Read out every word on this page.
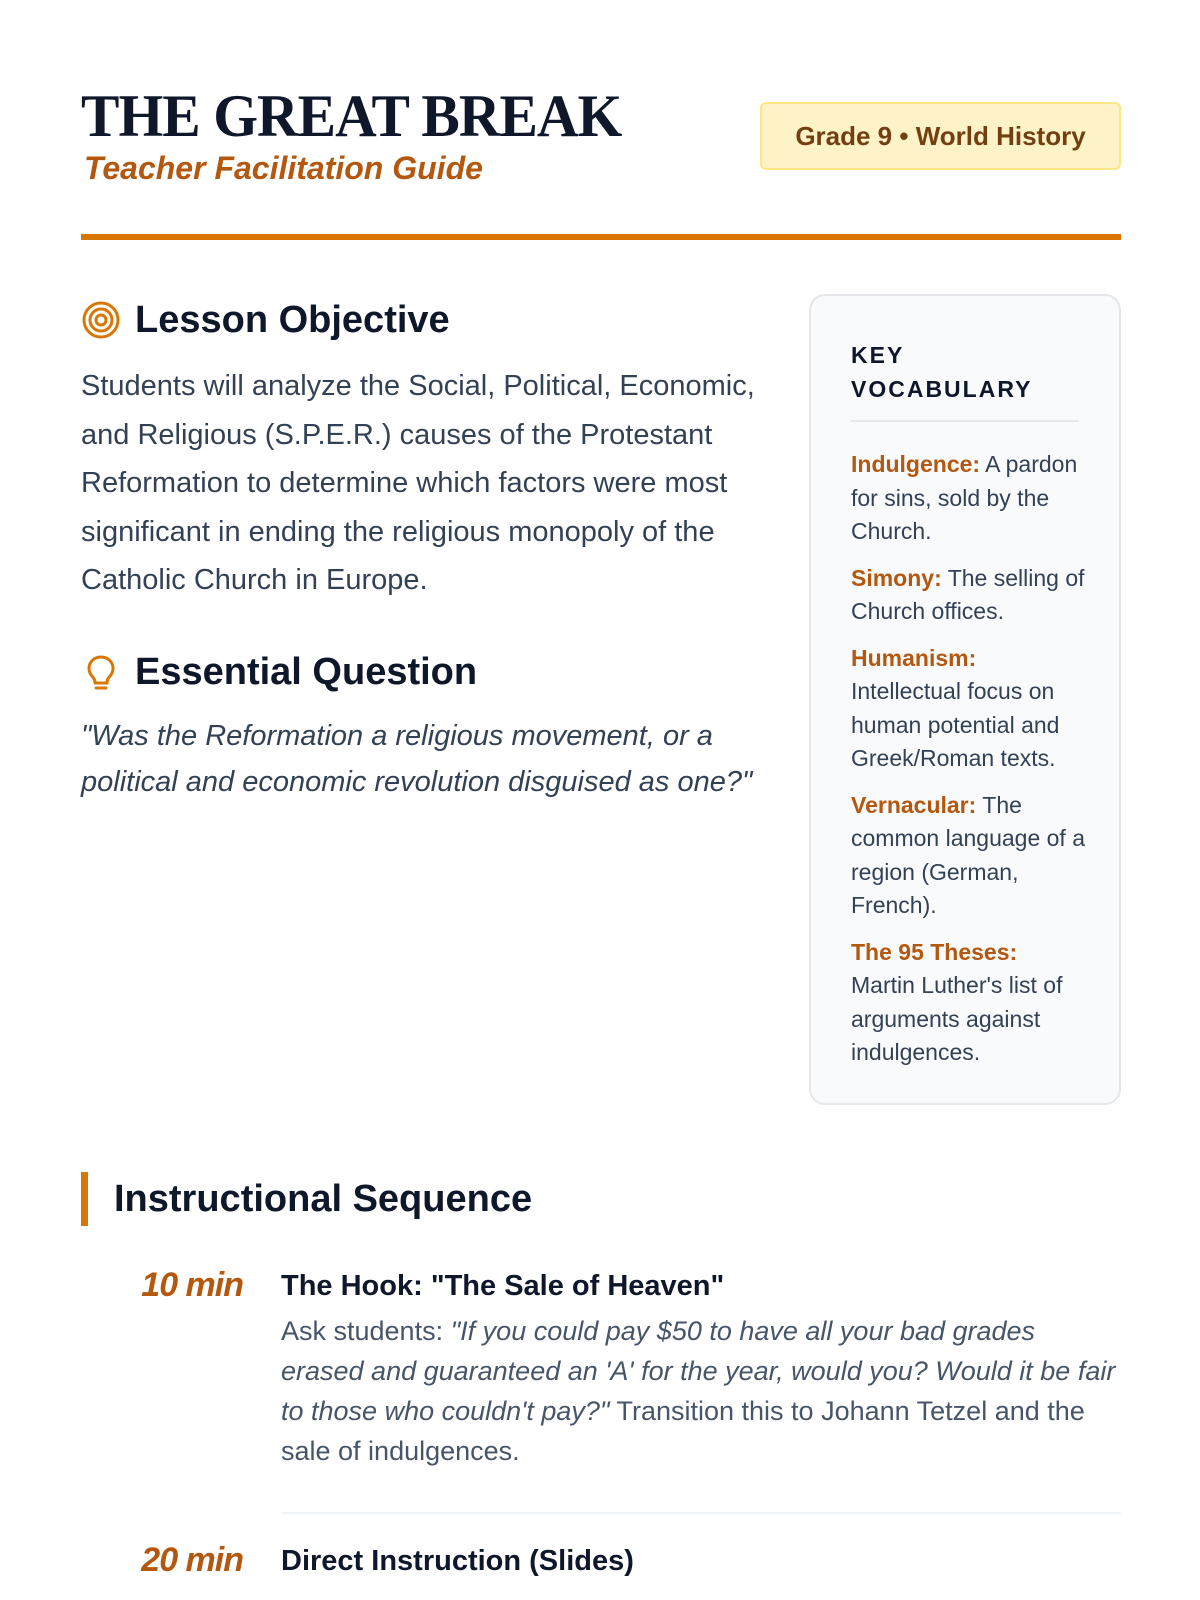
THE GREAT BREAK
Teacher Facilitation Guide
Grade 9 • World History
Lesson Objective

Students will analyze the Social, Political, Economic, and Religious (S.P.E.R.) causes of the Protestant Reformation to determine which factors were most significant in ending the religious monopoly of the Catholic Church in Europe.

Essential Question

"Was the Reformation a religious movement, or a political and economic revolution disguised as one?"

KEY VOCABULARY
Indulgence: A pardon for sins, sold by the Church.
Simony: The selling of Church offices.
Humanism: Intellectual focus on human potential and Greek/Roman texts.
Vernacular: The common language of a region (German, French).
The 95 Theses: Martin Luther's list of arguments against indulgences.
Instructional Sequence
10 min The Hook: "The Sale of Heaven"

Ask students: "If you could pay $50 to have all your bad grades erased and guaranteed an 'A' for the year, would you? Would it be fair to those who couldn't pay?" Transition this to Johann Tetzel and the sale of indulgences.

20 min Direct Instruction (Slides)
